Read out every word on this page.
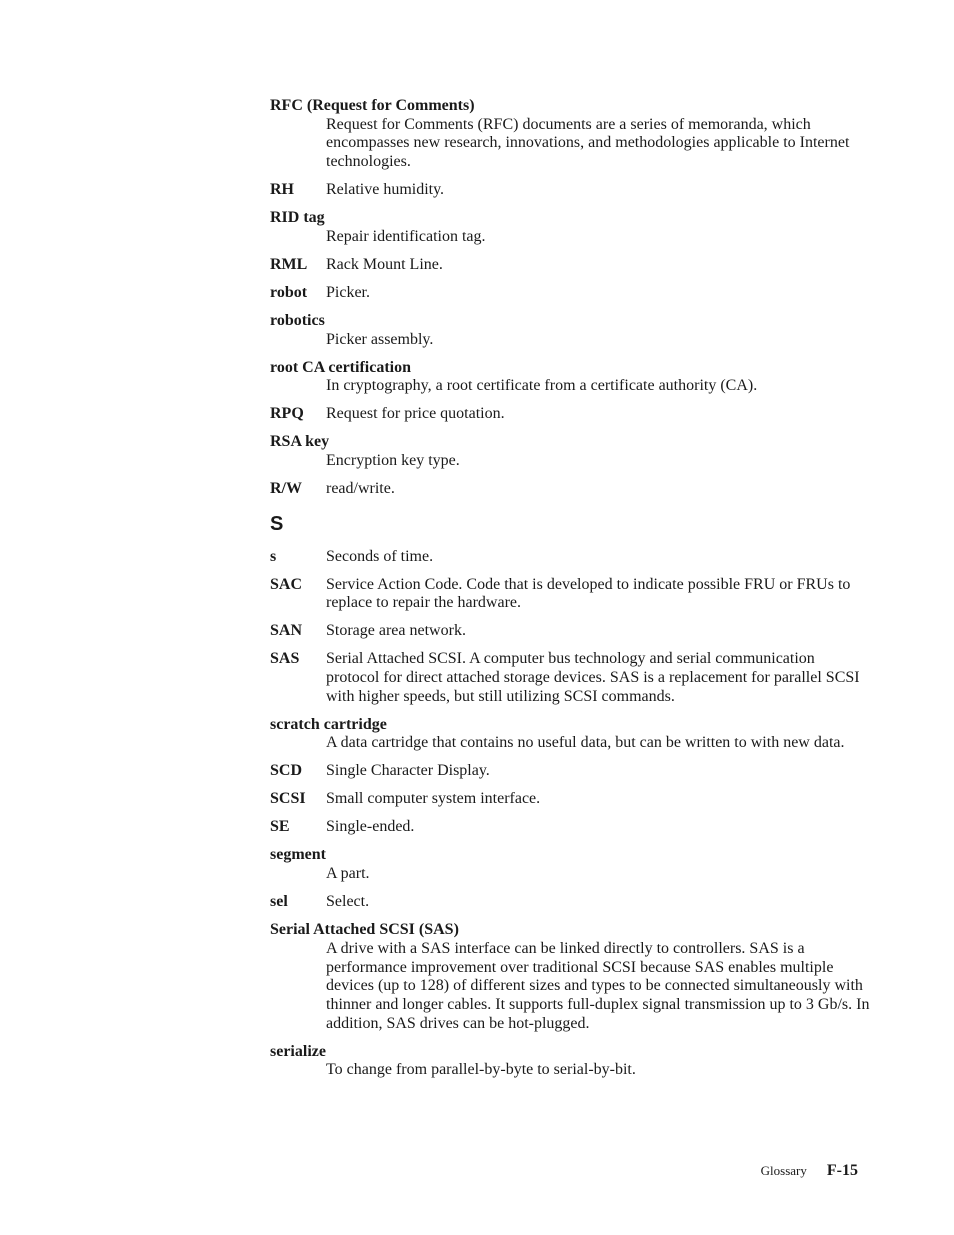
RFC (Request for Comments)
Request for Comments (RFC) documents are a series of memoranda, which encompasses new research, innovations, and methodologies applicable to Internet technologies.
RH Relative humidity.
RID tag
Repair identification tag.
RML Rack Mount Line.
robot Picker.
robotics
Picker assembly.
root CA certification
In cryptography, a root certificate from a certificate authority (CA).
RPQ Request for price quotation.
RSA key
Encryption key type.
R/W read/write.
S
s	Seconds of time.
SAC Service Action Code. Code that is developed to indicate possible FRU or FRUs to replace to repair the hardware.
SAN Storage area network.
SAS Serial Attached SCSI. A computer bus technology and serial communication protocol for direct attached storage devices. SAS is a replacement for parallel SCSI with higher speeds, but still utilizing SCSI commands.
scratch cartridge
A data cartridge that contains no useful data, but can be written to with new data.
SCD Single Character Display.
SCSI Small computer system interface.
SE Single-ended.
segment
A part.
sel Select.
Serial Attached SCSI (SAS)
A drive with a SAS interface can be linked directly to controllers. SAS is a performance improvement over traditional SCSI because SAS enables multiple devices (up to 128) of different sizes and types to be connected simultaneously with thinner and longer cables. It supports full-duplex signal transmission up to 3 Gb/s. In addition, SAS drives can be hot-plugged.
serialize
To change from parallel-by-byte to serial-by-bit.
Glossary F-15
